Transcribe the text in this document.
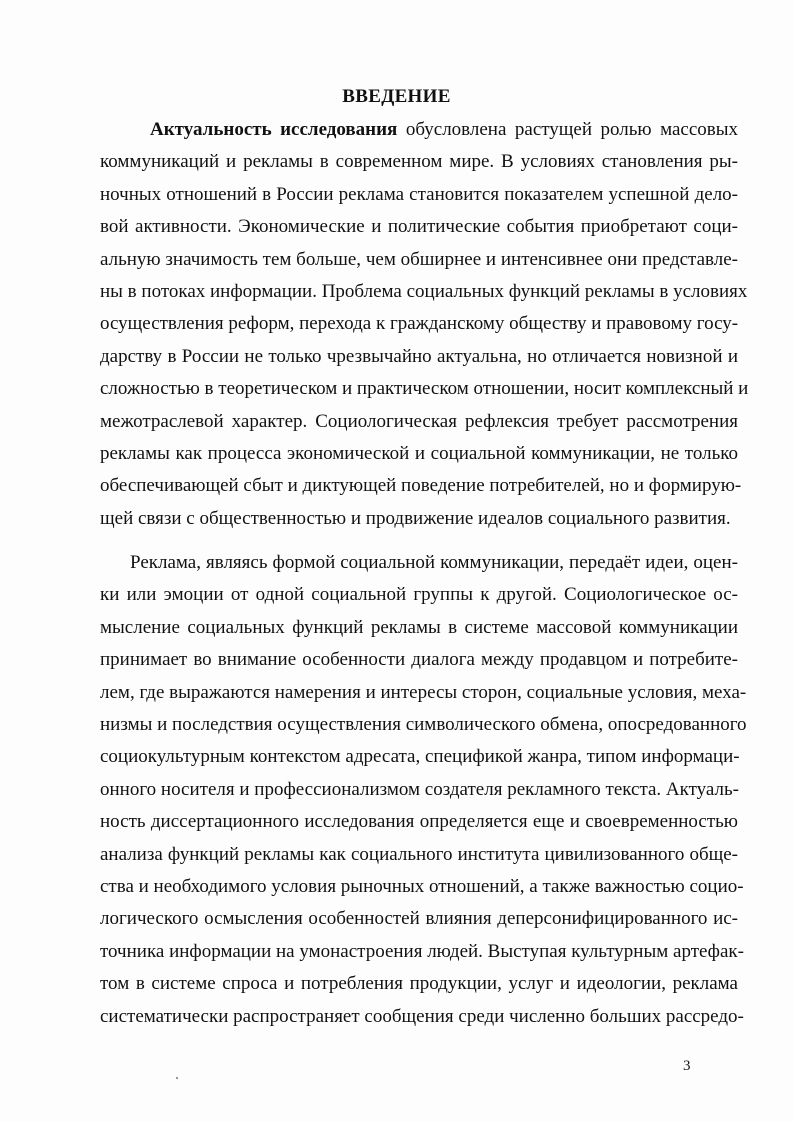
ВВЕДЕНИЕ
Актуальность исследования обусловлена растущей ролью массовых
коммуникаций и рекламы в современном мире. В условиях становления ры-
ночных отношений в России реклама становится показателем успешной дело-
вой активности. Экономические и политические события приобретают соци-
альную значимость тем больше, чем обширнее и интенсивнее они представле-
ны в потоках информации. Проблема социальных функций рекламы в условиях
осуществления реформ, перехода к гражданскому обществу и правовому госу-
дарству в России не только чрезвычайно актуальна, но отличается новизной и
сложностью в теоретическом и практическом отношении, носит комплексный и
межотраслевой характер. Социологическая рефлексия требует рассмотрения
рекламы как процесса экономической и социальной коммуникации, не только
обеспечивающей сбыт и диктующей поведение потребителей, но и формирую-
щей связи с общественностью и продвижение идеалов социального развития.
Реклама, являясь формой социальной коммуникации, передаёт идеи, оцен-
ки или эмоции от одной социальной группы к другой. Социологическое ос-
мысление социальных функций рекламы в системе массовой коммуникации
принимает во внимание особенности диалога между продавцом и потребите-
лем, где выражаются намерения и интересы сторон, социальные условия, меха-
низмы и последствия осуществления символического обмена, опосредованного
социокультурным контекстом адресата, спецификой жанра, типом информаци-
онного носителя и профессионализмом создателя рекламного текста. Актуаль-
ность диссертационного исследования определяется еще и своевременностью
анализа функций рекламы как социального института цивилизованного обще-
ства и необходимого условия рыночных отношений, а также важностью социо-
логического осмысления особенностей влияния деперсонифицированного ис-
точника информации на умонастроения людей. Выступая культурным артефак-
том в системе спроса и потребления продукции, услуг и идеологии, реклама
систематически распространяет сообщения среди численно больших рассредо-
3
